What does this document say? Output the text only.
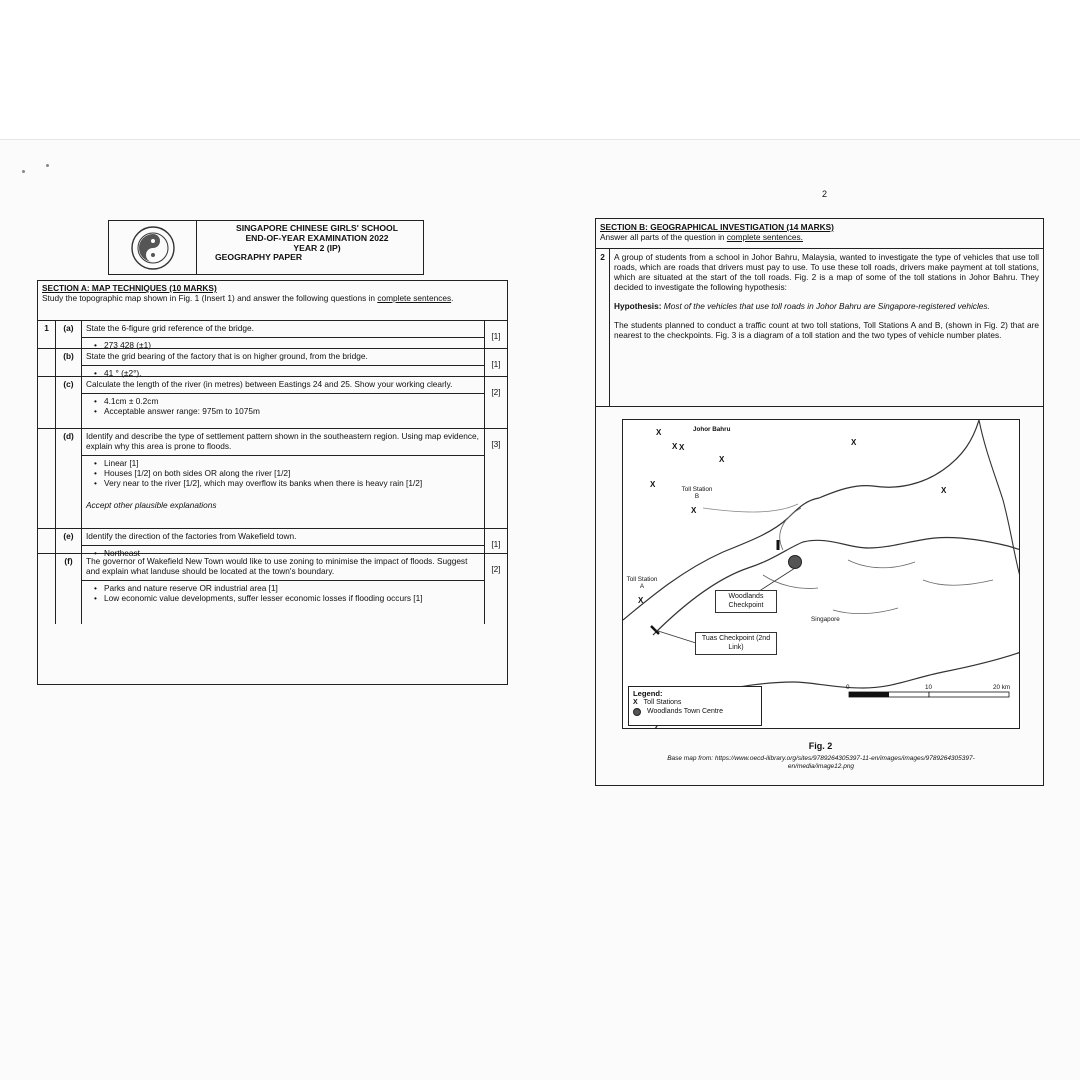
2
SINGAPORE CHINESE GIRLS' SCHOOL
END-OF-YEAR EXAMINATION 2022
YEAR 2 (IP)
GEOGRAPHY PAPER
SECTION A: MAP TECHNIQUES (10 MARKS)
Study the topographic map shown in Fig. 1 (Insert 1) and answer the following questions in complete sentences.
1	(a)	State the 6-figure grid reference of the bridge.
• 273 428 (±1)
[1]
(b)	State the grid bearing of the factory that is on higher ground, from the bridge.
• 41 ° (±2°).
[1]
(c)	Calculate the length of the river (in metres) between Eastings 24 and 25. Show your working clearly.
• 4.1cm ± 0.2cm
• Acceptable answer range: 975m to 1075m
[2]
(d)	Identify and describe the type of settlement pattern shown in the southeastern region. Using map evidence, explain why this area is prone to floods.
• Linear [1]
• Houses [1/2] on both sides OR along the river [1/2]
• Very near to the river [1/2], which may overflow its banks when there is heavy rain [1/2]
Accept other plausible explanations
[3]
(e)	Identify the direction of the factories from Wakefield town.
• Northeast
[1]
(f)	The governor of Wakefield New Town would like to use zoning to minimise the impact of floods. Suggest and explain what landuse should be located at the town's boundary.
• Parks and nature reserve OR industrial area [1]
• Low economic value developments, suffer lesser economic losses if flooding occurs [1]
[2]
SECTION B: GEOGRAPHICAL INVESTIGATION (14 MARKS)
Answer all parts of the question in complete sentences.
2	A group of students from a school in Johor Bahru, Malaysia, wanted to investigate the type of vehicles that use toll roads, which are roads that drivers must pay to use. To use these toll roads, drivers make payment at toll stations, which are situated at the start of the toll roads. Fig. 2 is a map of some of the toll stations in Johor Bahru. They decided to investigate the following hypothesis:

Hypothesis: Most of the vehicles that use toll roads in Johor Bahru are Singapore-registered vehicles.

The students planned to conduct a traffic count at two toll stations, Toll Stations A and B, (shown in Fig. 2) that are nearest to the checkpoints. Fig. 3 is a diagram of a toll station and the two types of vehicle number plates.

X
X X
X
X
X
X
X
X
Johor Bahru
Toll Station B
Toll Station A
Singapore
Woodlands Checkpoint
Tuas Checkpoint (2nd Link)
0	10	20 km
Legend:
X Toll Stations
Woodlands Town Centre
Fig. 2
Base map from: https://www.oecd-ilibrary.org/sites/9789264305397-11-en/images/images/9789264305397-en/media/image12.png
